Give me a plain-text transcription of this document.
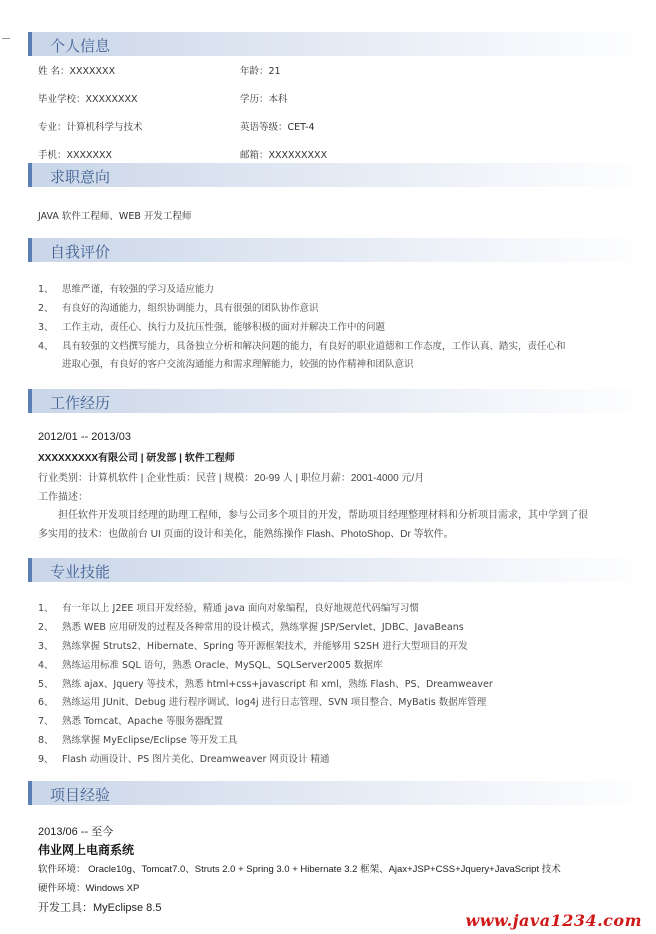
个人信息
姓 名：XXXXXXX	年龄：21
毕业学校：XXXXXXXX	学历：本科
专业：计算机科学与技术	英语等级：CET-4
手机：XXXXXXX	邮箱：XXXXXXXXX
求职意向
JAVA 软件工程师、WEB 开发工程师
自我评价
1、 思维严谨，有较强的学习及适应能力
2、 有良好的沟通能力，组织协调能力，具有很强的团队协作意识
3、 工作主动，责任心、执行力及抗压性强，能够积极的面对并解决工作中的问题
4、 具有较强的文档撰写能力，具备独立分析和解决问题的能力，有良好的职业道德和工作态度，工作认真、踏实，责任心和
进取心强，有良好的客户交流沟通能力和需求理解能力，较强的协作精神和团队意识
工作经历
2012/01 -- 2013/03
XXXXXXXXX有限公司 | 研发部 | 软件工程师
行业类别：计算机软件 | 企业性质：民营 | 规模：20-99 人 | 职位月薪：2001-4000 元/月
工作描述：
担任软件开发项目经理的助理工程师，参与公司多个项目的开发，帮助项目经理整理材料和分析项目需求，其中学到了很
多实用的技术：也做前台 UI 页面的设计和美化，能熟练操作 Flash、PhotoShop、Dr 等软件。
专业技能
1、 有一年以上 J2EE 项目开发经验，精通 java 面向对象编程，良好地规范代码编写习惯
2、 熟悉 WEB 应用研发的过程及各种常用的设计模式，熟练掌握 JSP/Servlet、JDBC、JavaBeans
3、 熟练掌握 Struts2、Hibernate、Spring 等开源框架技术，并能够用 S2SH 进行大型项目的开发
4、 熟练运用标准 SQL 语句，熟悉 Oracle、MySQL、SQLServer2005 数据库
5、 熟练 ajax、Jquery 等技术，熟悉 html+css+javascript 和 xml，熟练 Flash、PS、Dreamweaver
6、 熟练运用 JUnit、Debug 进行程序调试、log4j 进行日志管理、SVN 项目整合、MyBatis 数据库管理
7、 熟悉 Tomcat、Apache 等服务器配置
8、 熟练掌握 MyEclipse/Eclipse 等开发工具
9、 Flash 动画设计、PS 图片美化、Dreamweaver 网页设计 精通
项目经验
2013/06 -- 至今
伟业网上电商系统
软件环境： Oracle10g、Tomcat7.0、Struts 2.0 + Spring 3.0 + Hibernate 3.2 框架、Ajax+JSP+CSS+Jquery+JavaScript 技术
硬件环境：Windows XP
开发工具：MyEclipse 8.5
www.java1234.com
